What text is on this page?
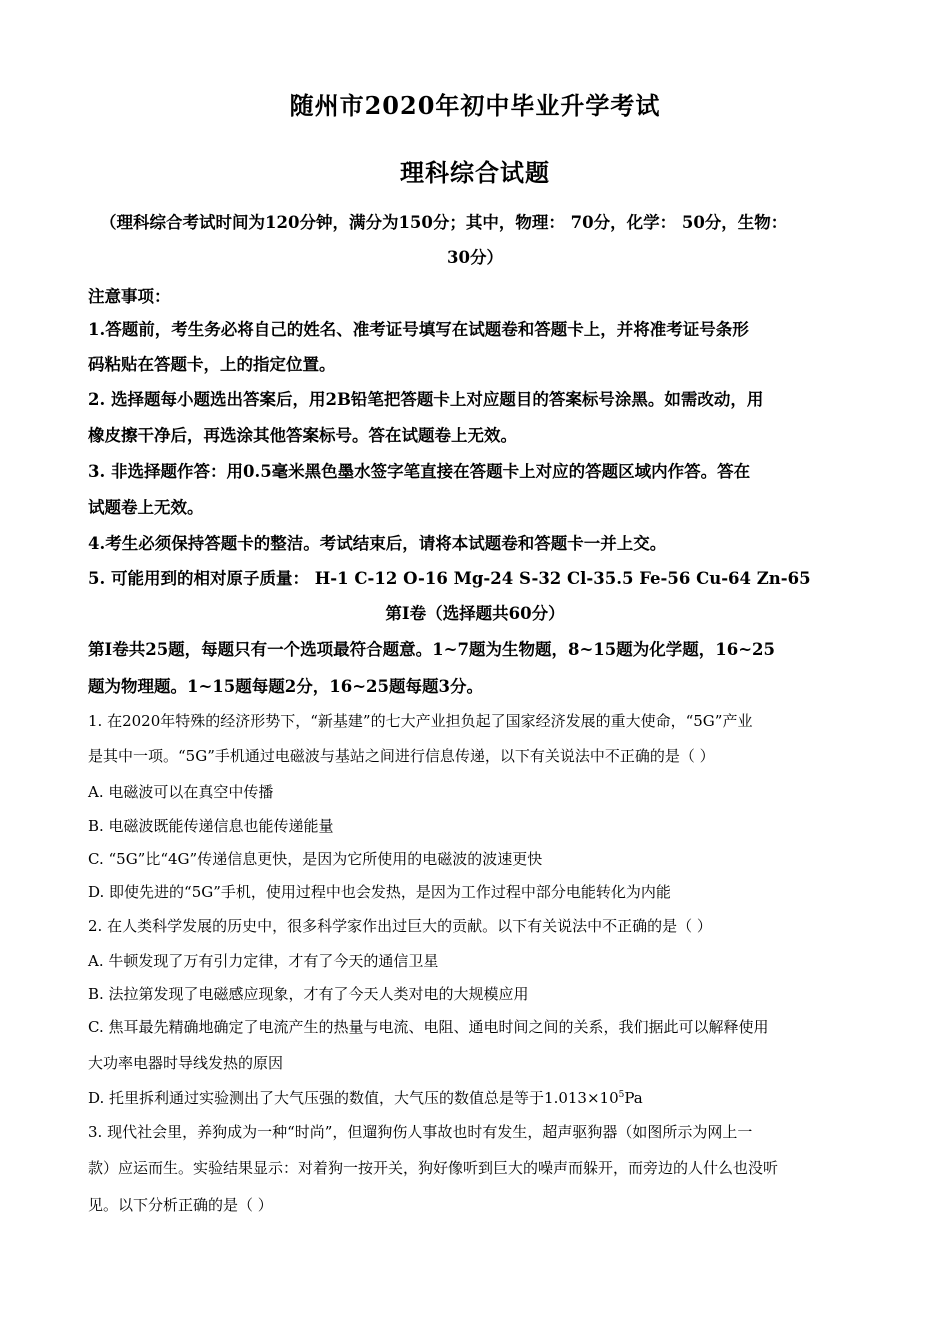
随州市2020年初中毕业升学考试
理科综合试题
（理科综合考试时间为120分钟，满分为150分；其中，物理： 70分，化学： 50分，生物：
30分）
注意事项：
1.答题前，考生务必将自己的姓名、准考证号填写在试题卷和答题卡上，并将准考证号条形
码粘贴在答题卡，上的指定位置。
2. 选择题每小题选出答案后，用2B铅笔把答题卡上对应题目的答案标号涂黑。如需改动，用
橡皮擦干净后，再选涂其他答案标号。答在试题卷上无效。
3. 非选择题作答：用0.5毫米黑色墨水签字笔直接在答题卡上对应的答题区域内作答。答在
试题卷上无效。
4.考生必须保持答题卡的整洁。考试结束后，请将本试题卷和答题卡一并上交。
5. 可能用到的相对原子质量： H-1 C-12 O-16 Mg-24 S-32 Cl-35.5 Fe-56 Cu-64 Zn-65
第Ⅰ卷（选择题共60分）
第Ⅰ卷共25题，每题只有一个选项最符合题意。1~7题为生物题，8~15题为化学题，16~25
题为物理题。1~15题每题2分，16~25题每题3分。
1. 在2020年特殊的经济形势下，“新基建”的七大产业担负起了国家经济发展的重大使命，“5G”产业
是其中一项。“5G”手机通过电磁波与基站之间进行信息传递，以下有关说法中不正确的是（ ）
A. 电磁波可以在真空中传播
B. 电磁波既能传递信息也能传递能量
C. “5G”比“4G”传递信息更快，是因为它所使用的电磁波的波速更快
D. 即使先进的“5G”手机，使用过程中也会发热，是因为工作过程中部分电能转化为内能
2. 在人类科学发展的历史中，很多科学家作出过巨大的贡献。以下有关说法中不正确的是（ ）
A. 牛顿发现了万有引力定律，才有了今天的通信卫星
B. 法拉第发现了电磁感应现象，才有了今天人类对电的大规模应用
C. 焦耳最先精确地确定了电流产生的热量与电流、电阻、通电时间之间的关系，我们据此可以解释使用
大功率电器时导线发热的原因
D. 托里拆利通过实验测出了大气压强的数值，大气压的数值总是等于$1.013\times 10^5Pa$
3. 现代社会里，养狗成为一种“时尚”，但遛狗伤人事故也时有发生，超声驱狗器（如图所示为网上一
款）应运而生。实验结果显示：对着狗一按开关，狗好像听到巨大的噪声而躲开，而旁边的人什么也没听
见。以下分析正确的是（ ）
